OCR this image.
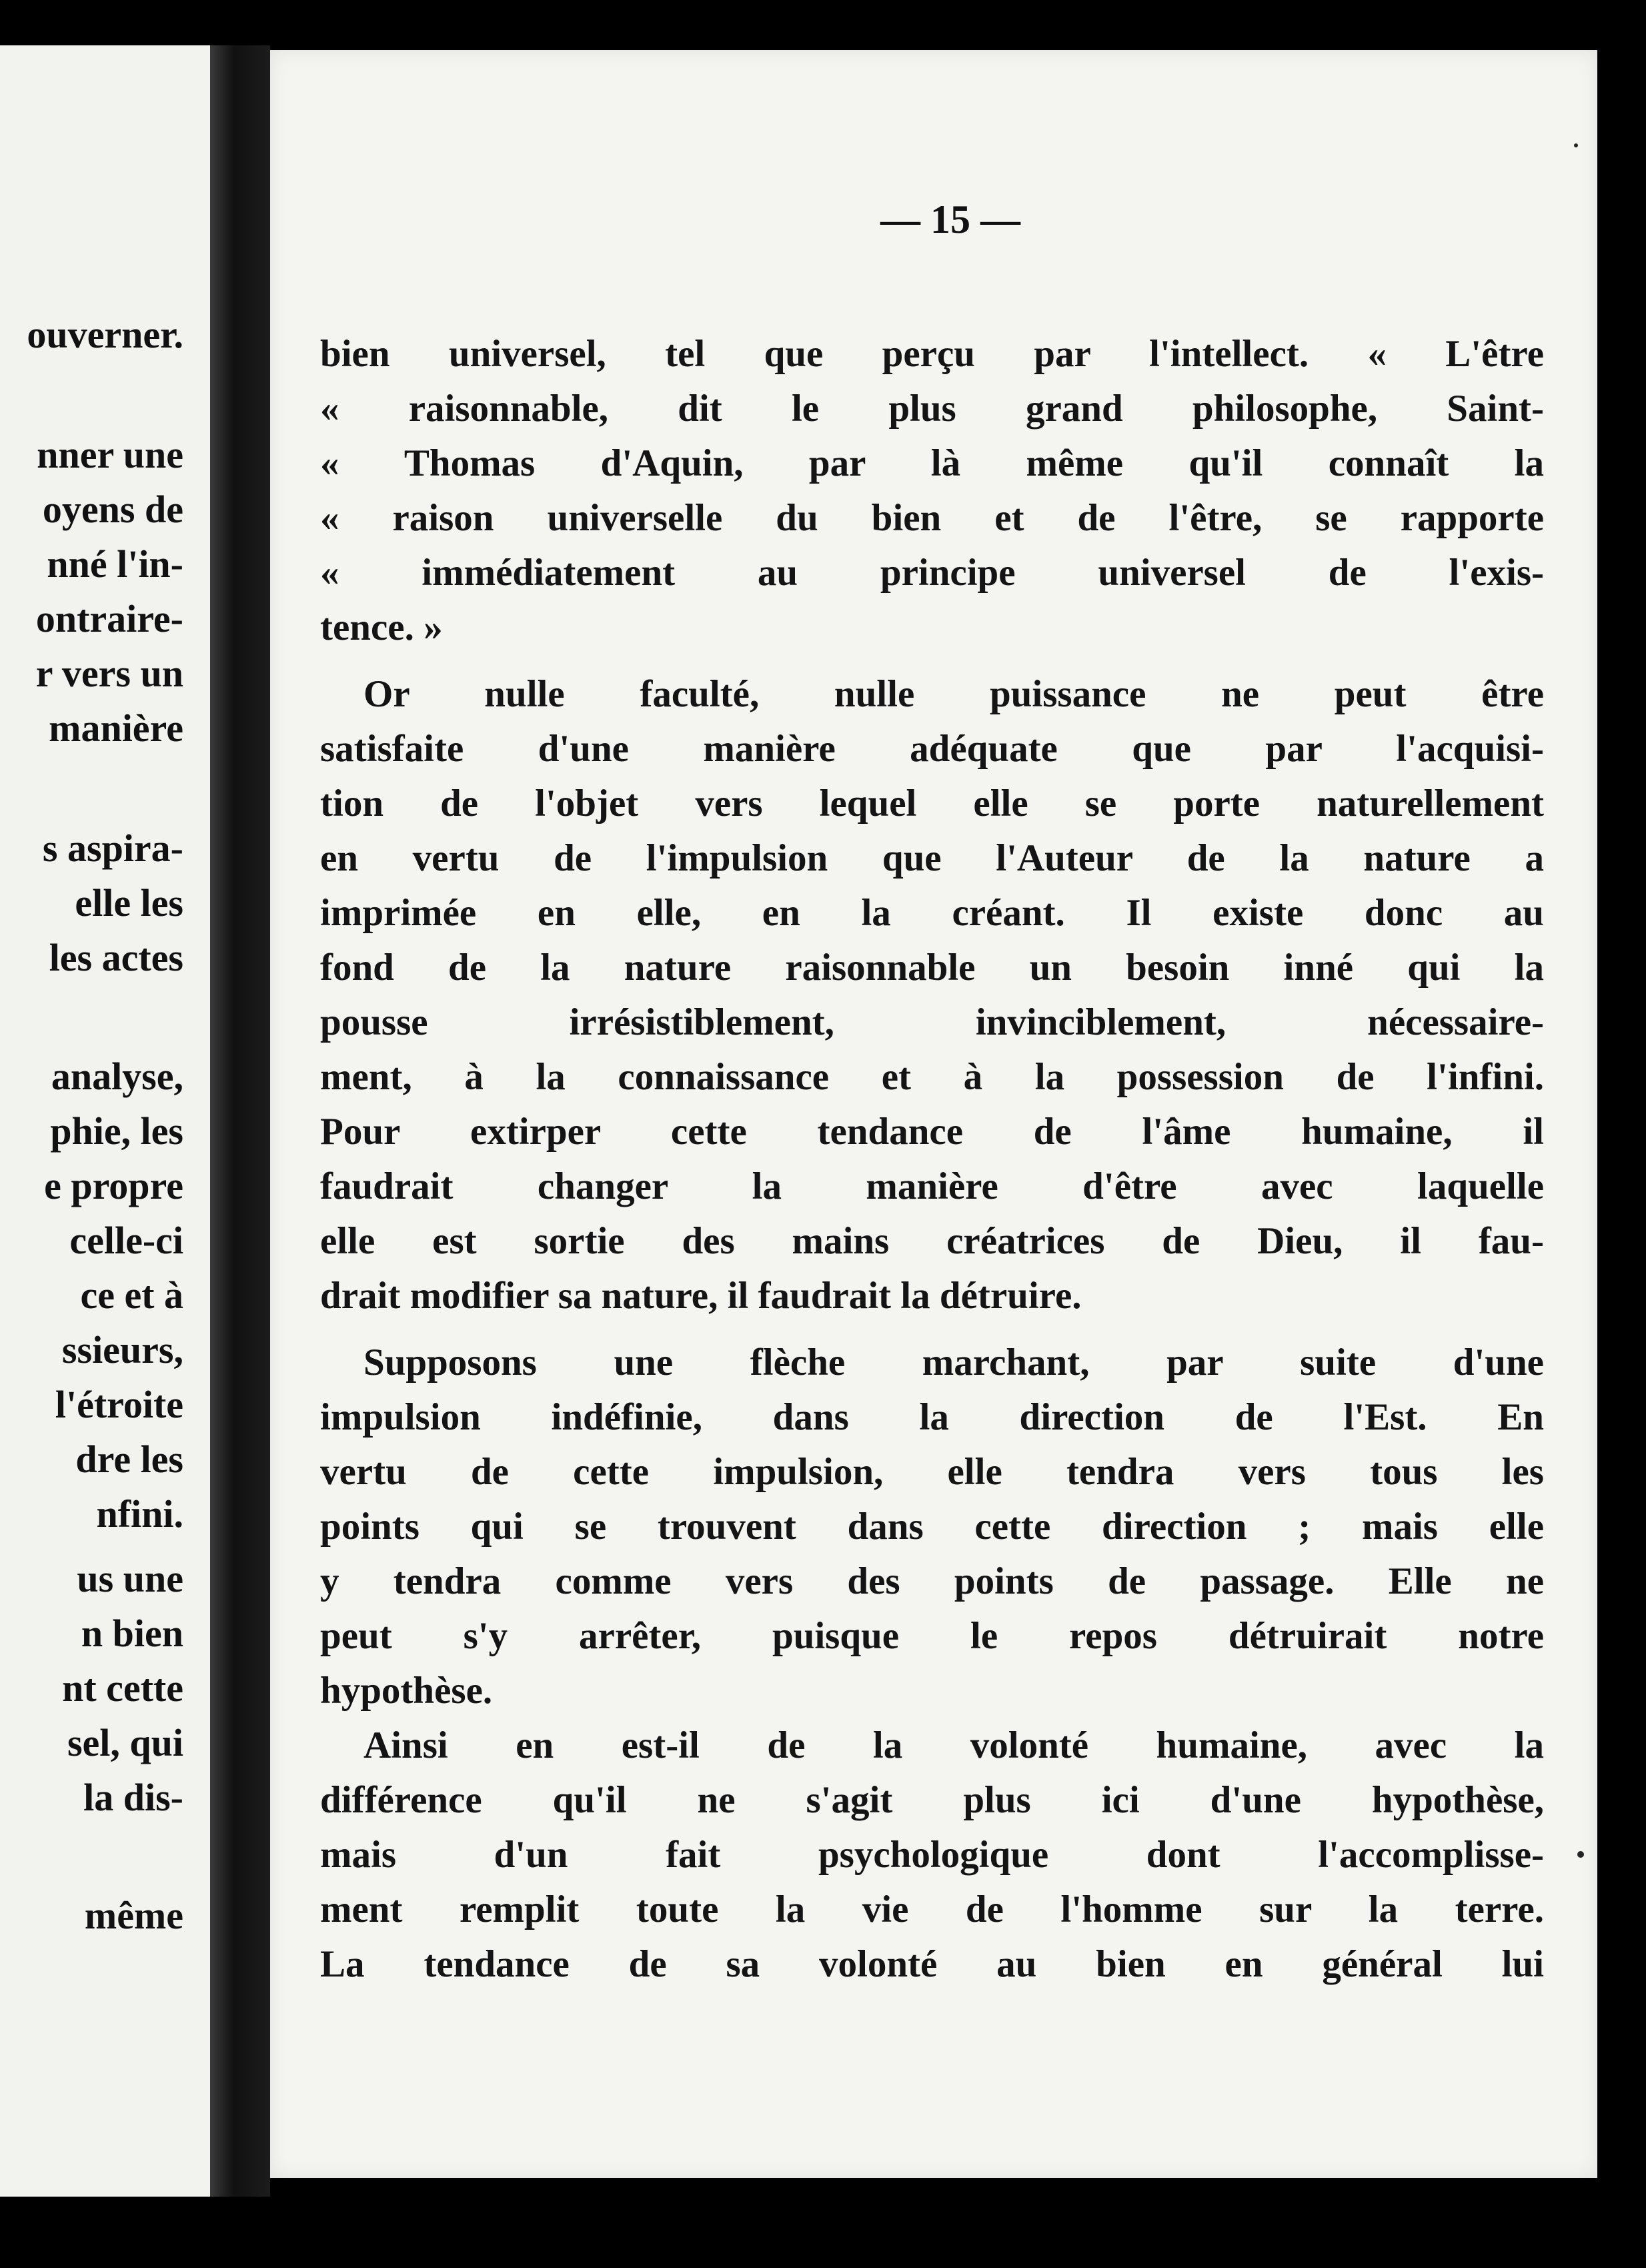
ouverner.
nner une
oyens de
nné l'in-
ontraire-
r vers un
manière
s aspira-
elle les
les actes
analyse,
phie, les
e propre
celle-ci
ce et à
ssieurs,
l'étroite
dre les
nfini.
us une
n bien
nt cette
sel, qui
la dis-
même
— 15 —
bien universel, tel que perçu par l'intellect. « L'être
« raisonnable, dit le plus grand philosophe, Saint-
« Thomas d'Aquin, par là même qu'il connaît la
« raison universelle du bien et de l'être, se rapporte
« immédiatement au principe universel de l'exis-
tence. »
Or nulle faculté, nulle puissance ne peut être
satisfaite d'une manière adéquate que par l'acquisi-
tion de l'objet vers lequel elle se porte naturellement
en vertu de l'impulsion que l'Auteur de la nature a
imprimée en elle, en la créant. Il existe donc au
fond de la nature raisonnable un besoin inné qui la
pousse irrésistiblement, invinciblement, nécessaire-
ment, à la connaissance et à la possession de l'infini.
Pour extirper cette tendance de l'âme humaine, il
faudrait changer la manière d'être avec laquelle
elle est sortie des mains créatrices de Dieu, il fau-
drait modifier sa nature, il faudrait la détruire.
Supposons une flèche marchant, par suite d'une
impulsion indéfinie, dans la direction de l'Est. En
vertu de cette impulsion, elle tendra vers tous les
points qui se trouvent dans cette direction ; mais elle
y tendra comme vers des points de passage. Elle ne
peut s'y arrêter, puisque le repos détruirait notre
hypothèse.
Ainsi en est-il de la volonté humaine, avec la
différence qu'il ne s'agit plus ici d'une hypothèse,
mais d'un fait psychologique dont l'accomplisse-
ment remplit toute la vie de l'homme sur la terre.
La tendance de sa volonté au bien en général lui
